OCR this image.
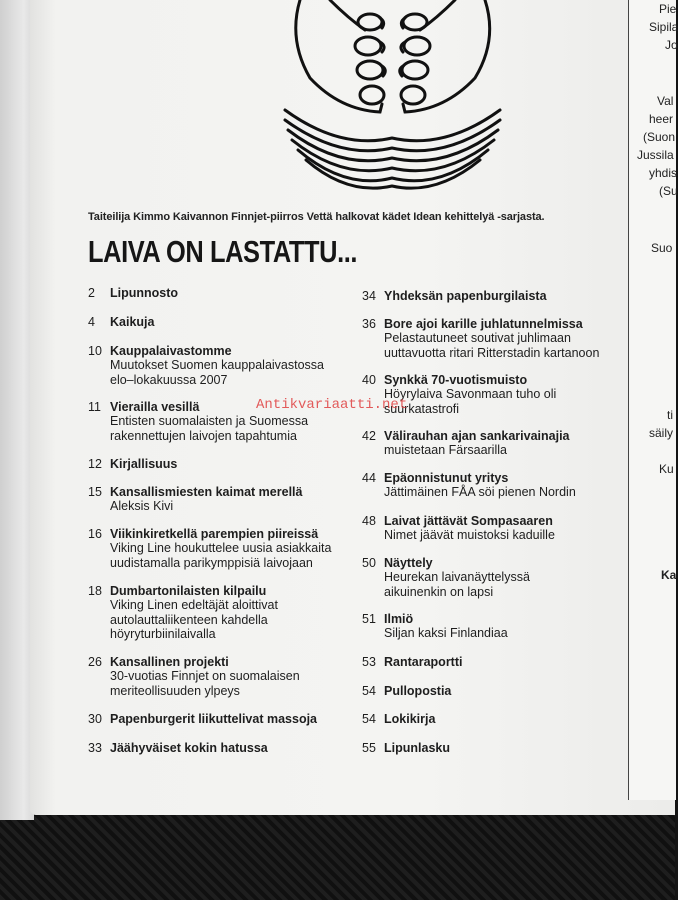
Taiteilija Kimmo Kaivannon Finnjet-piirros Vettä halkovat kädet Idean kehittelyä -sarjasta.
LAIVA ON LASTATTU...
2 Lipunnosto
4 Kaikuja
10 Kauppalaivastomme
Muutokset Suomen kauppalaivastossa
elo–lokakuussa 2007
11 Vierailla vesillä
Entisten suomalaisten ja Suomessa
rakennettujen laivojen tapahtumia
12 Kirjallisuus
15 Kansallismiesten kaimat merellä
Aleksis Kivi
16 Viikinkiretkellä parempien piireissä
Viking Line houkuttelee uusia asiakkaita
uudistamalla parikymppisiä laivojaan
18 Dumbartonilaisten kilpailu
Viking Linen edeltäjät aloittivat
autolauttaliikenteen kahdella
höyryturbiinilaivalla
26 Kansallinen projekti
30-vuotias Finnjet on suomalaisen
meriteollisuuden ylpeys
30 Papenburgerit liikuttelivat massoja
33 Jäähyväiset kokin hatussa
34 Yhdeksän papenburgilaista
36 Bore ajoi karille juhlatunnelmissa
Pelastautuneet soutivat juhlimaan
uuttavuotta ritari Ritterstadin kartanoon
40 Synkkä 70-vuotismuisto
Höyrylaiva Savonmaan tuho oli
suurkatastrofi
42 Välirauhan ajan sankarivainajia
muistetaan Färsaarilla
44 Epäonnistunut yritys
Jättimäinen FÅA söi pienen Nordin
48 Laivat jättävät Sompasaaren
Nimet jäävät muistoksi kaduille
50 Näyttely
Heurekan laivanäyttelyssä
aikuinenkin on lapsi
51 Ilmiö
Siljan kaksi Finlandiaa
53 Rantaraportti
54 Pullopostia
54 Lokikirja
55 Lipunlasku
Pie
Sipila
Jo
Val
heer
(Suon
Jussila
yhdis
(Su
Suo
ti
säily
Ku
Ka
Antikvariaatti.net
